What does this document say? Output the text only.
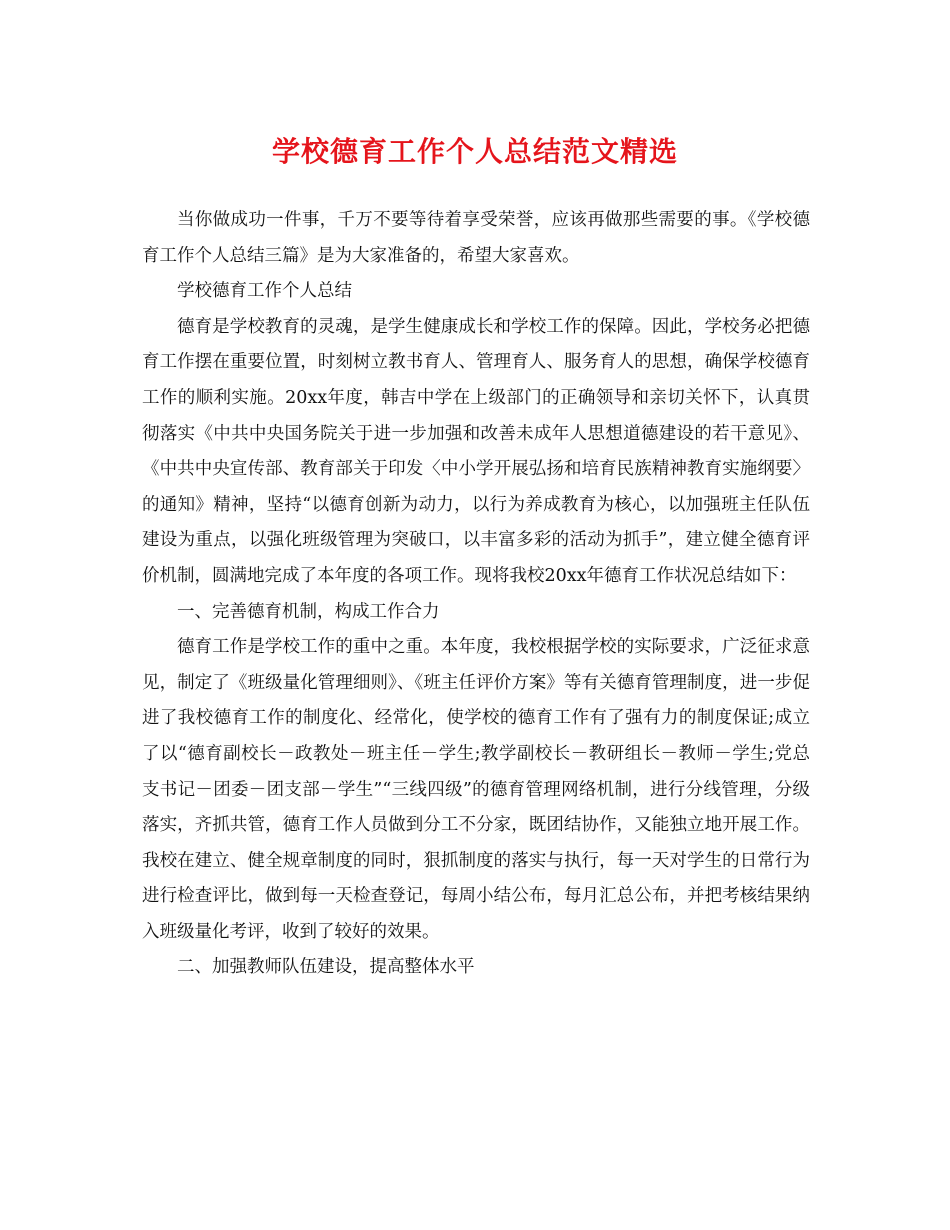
学校德育工作个人总结范文精选

当你做成功一件事，千万不要等待着享受荣誉，应该再做那些需要的事。《学校德育工作个人总结三篇》是为大家准备的，希望大家喜欢。

学校德育工作个人总结

德育是学校教育的灵魂，是学生健康成长和学校工作的保障。因此，学校务必把德育工作摆在重要位置，时刻树立教书育人、管理育人、服务育人的思想，确保学校德育工作的顺利实施。20xx年度，韩吉中学在上级部门的正确领导和亲切关怀下，认真贯彻落实《中共中央国务院关于进一步加强和改善未成年人思想道德建设的若干意见》、《中共中央宣传部、教育部关于印发〈中小学开展弘扬和培育民族精神教育实施纲要〉的通知》精神，坚持“以德育创新为动力，以行为养成教育为核心，以加强班主任队伍建设为重点，以强化班级管理为突破口，以丰富多彩的活动为抓手”，建立健全德育评价机制，圆满地完成了本年度的各项工作。现将我校20xx年德育工作状况总结如下：

一、完善德育机制，构成工作合力

德育工作是学校工作的重中之重。本年度，我校根据学校的实际要求，广泛征求意见，制定了《班级量化管理细则》、《班主任评价方案》等有关德育管理制度，进一步促进了我校德育工作的制度化、经常化，使学校的德育工作有了强有力的制度保证;成立了以“德育副校长－政教处－班主任－学生;教学副校长－教研组长－教师－学生;党总支书记－团委－团支部－学生”“三线四级”的德育管理网络机制，进行分线管理，分级落实，齐抓共管，德育工作人员做到分工不分家，既团结协作，又能独立地开展工作。我校在建立、健全规章制度的同时，狠抓制度的落实与执行，每一天对学生的日常行为进行检查评比，做到每一天检查登记，每周小结公布，每月汇总公布，并把考核结果纳入班级量化考评，收到了较好的效果。

二、加强教师队伍建设，提高整体水平
